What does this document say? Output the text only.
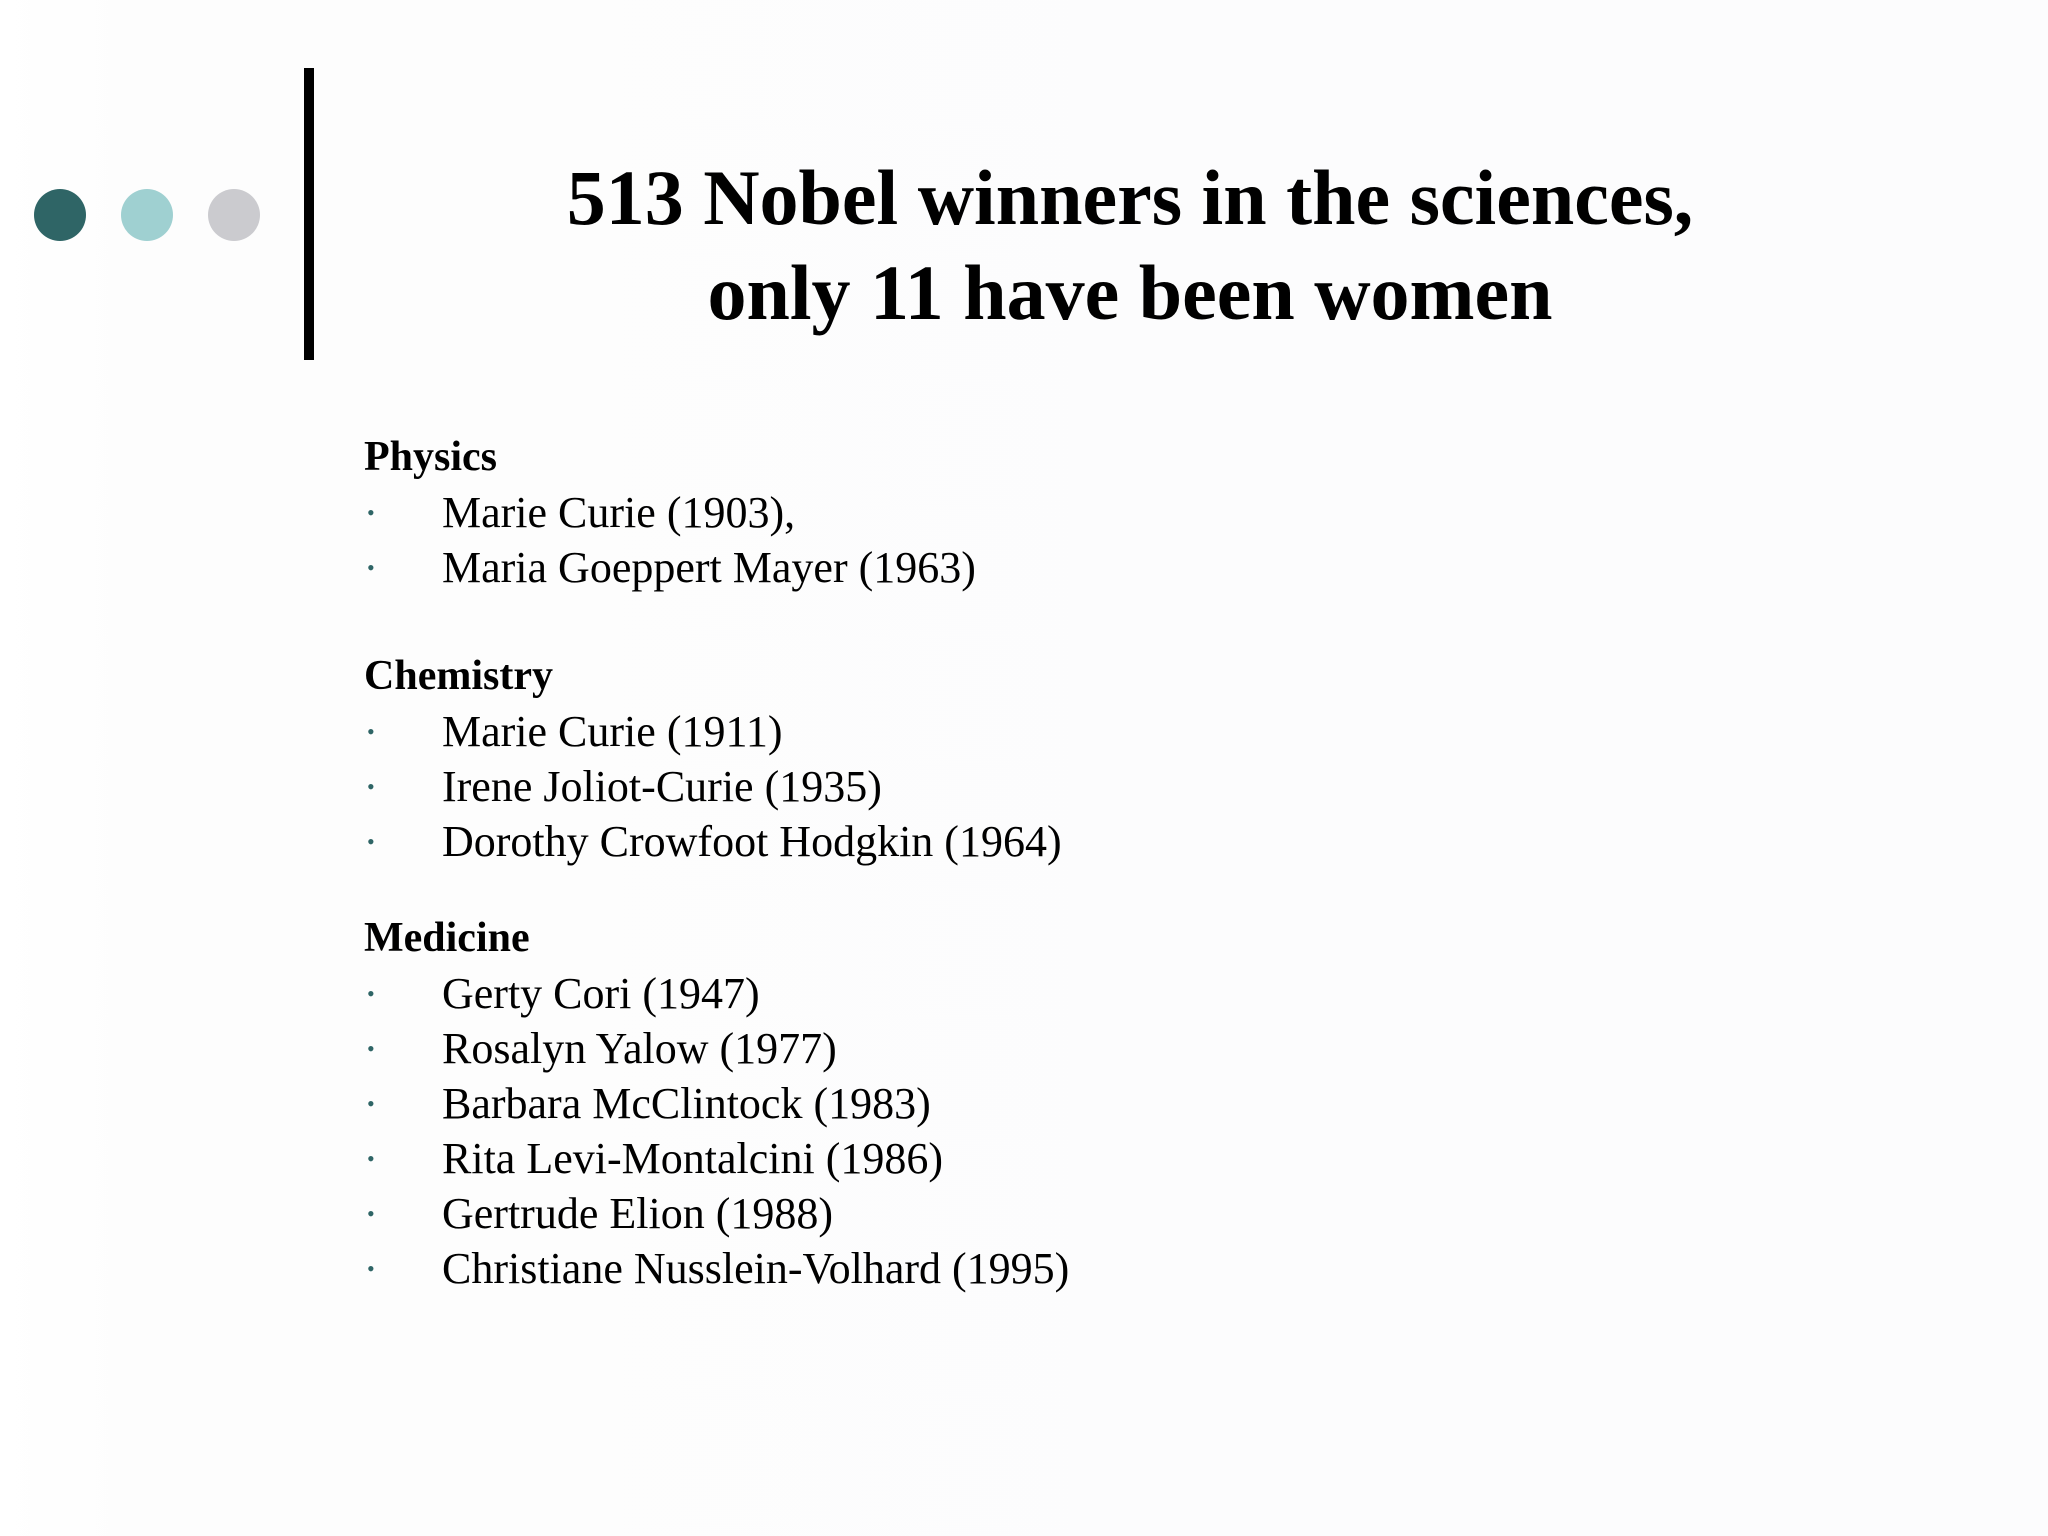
513 Nobel winners in the sciences,
only 11 have been women
Physics
• Marie Curie (1903),
• Maria Goeppert Mayer (1963)
Chemistry
• Marie Curie (1911)
• Irene Joliot-Curie (1935)
• Dorothy Crowfoot Hodgkin (1964)
Medicine
• Gerty Cori (1947)
• Rosalyn Yalow (1977)
• Barbara McClintock (1983)
• Rita Levi-Montalcini (1986)
• Gertrude Elion (1988)
• Christiane Nusslein-Volhard (1995)
